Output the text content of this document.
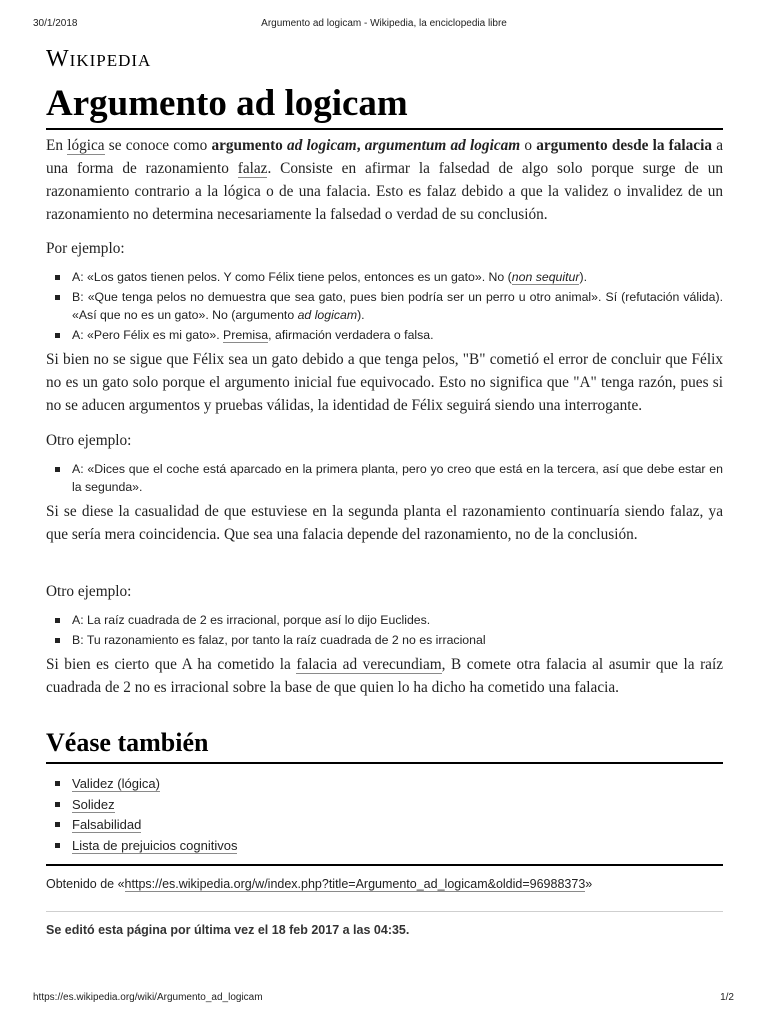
30/1/2018	Argumento ad logicam - Wikipedia, la enciclopedia libre
Wikipedia
Argumento ad logicam

En lógica se conoce como argumento ad logicam, argumentum ad logicam o argumento desde la falacia a una forma de razonamiento falaz. Consiste en afirmar la falsedad de algo solo porque surge de un razonamiento contrario a la lógica o de una falacia. Esto es falaz debido a que la validez o invalidez de un razonamiento no determina necesariamente la falsedad o verdad de su conclusión.

Por ejemplo:

A: «Los gatos tienen pelos. Y como Félix tiene pelos, entonces es un gato». No (non sequitur).
B: «Que tenga pelos no demuestra que sea gato, pues bien podría ser un perro u otro animal». Sí (refutación válida). «Así que no es un gato». No (argumento ad logicam).
A: «Pero Félix es mi gato». Premisa, afirmación verdadera o falsa.

Si bien no se sigue que Félix sea un gato debido a que tenga pelos, "B" cometió el error de concluir que Félix no es un gato solo porque el argumento inicial fue equivocado. Esto no significa que "A" tenga razón, pues si no se aducen argumentos y pruebas válidas, la identidad de Félix seguirá siendo una interrogante.

Otro ejemplo:

A: «Dices que el coche está aparcado en la primera planta, pero yo creo que está en la tercera, así que debe estar en la segunda».

Si se diese la casualidad de que estuviese en la segunda planta el razonamiento continuaría siendo falaz, ya que sería mera coincidencia. Que sea una falacia depende del razonamiento, no de la conclusión.

Otro ejemplo:

A: La raíz cuadrada de 2 es irracional, porque así lo dijo Euclides.
B: Tu razonamiento es falaz, por tanto la raíz cuadrada de 2 no es irracional

Si bien es cierto que A ha cometido la falacia ad verecundiam, B comete otra falacia al asumir que la raíz cuadrada de 2 no es irracional sobre la base de que quien lo ha dicho ha cometido una falacia.

Véase también
Validez (lógica)
Solidez
Falsabilidad
Lista de prejuicios cognitivos
Obtenido de «https://es.wikipedia.org/w/index.php?title=Argumento_ad_logicam&oldid=96988373»
Se editó esta página por última vez el 18 feb 2017 a las 04:35.
https://es.wikipedia.org/wiki/Argumento_ad_logicam	1/2
